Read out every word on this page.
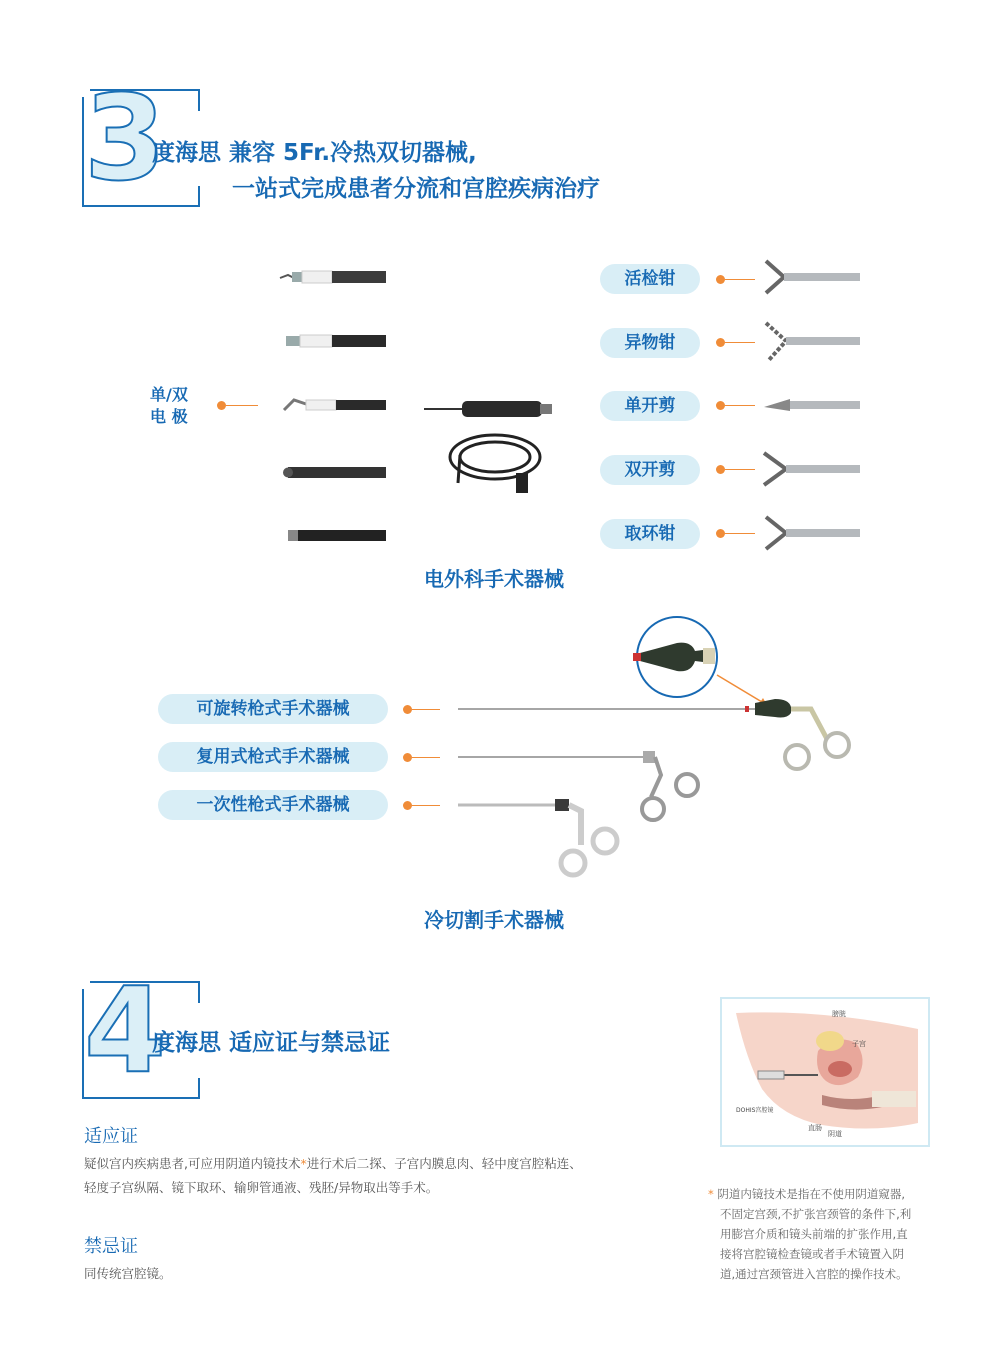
3
度海思 兼容 5Fr.冷热双切器械,
一站式完成患者分流和宫腔疾病治疗
单/双
电 极
活检钳
异物钳
单开剪
双开剪
取环钳
电外科手术器械
可旋转枪式手术器械
复用式枪式手术器械
一次性枪式手术器械
冷切割手术器械
4
度海思 适应证与禁忌证
适应证
疑似宫内疾病患者,可应用阴道内镜技术*进行术后二探、子宫内膜息肉、轻中度宫腔粘连、
轻度子宫纵隔、镜下取环、输卵管通液、残胚/异物取出等手术。
禁忌证
同传统宫腔镜。
膀胱
子宫
DOHIS宫腔镜
直肠
阴道
* 阴道内镜技术是指在不使用阴道窥器,
不固定宫颈,不扩张宫颈管的条件下,利
用膨宫介质和镜头前端的扩张作用,直
接将宫腔镜检查镜或者手术镜置入阴
道,通过宫颈管进入宫腔的操作技术。
